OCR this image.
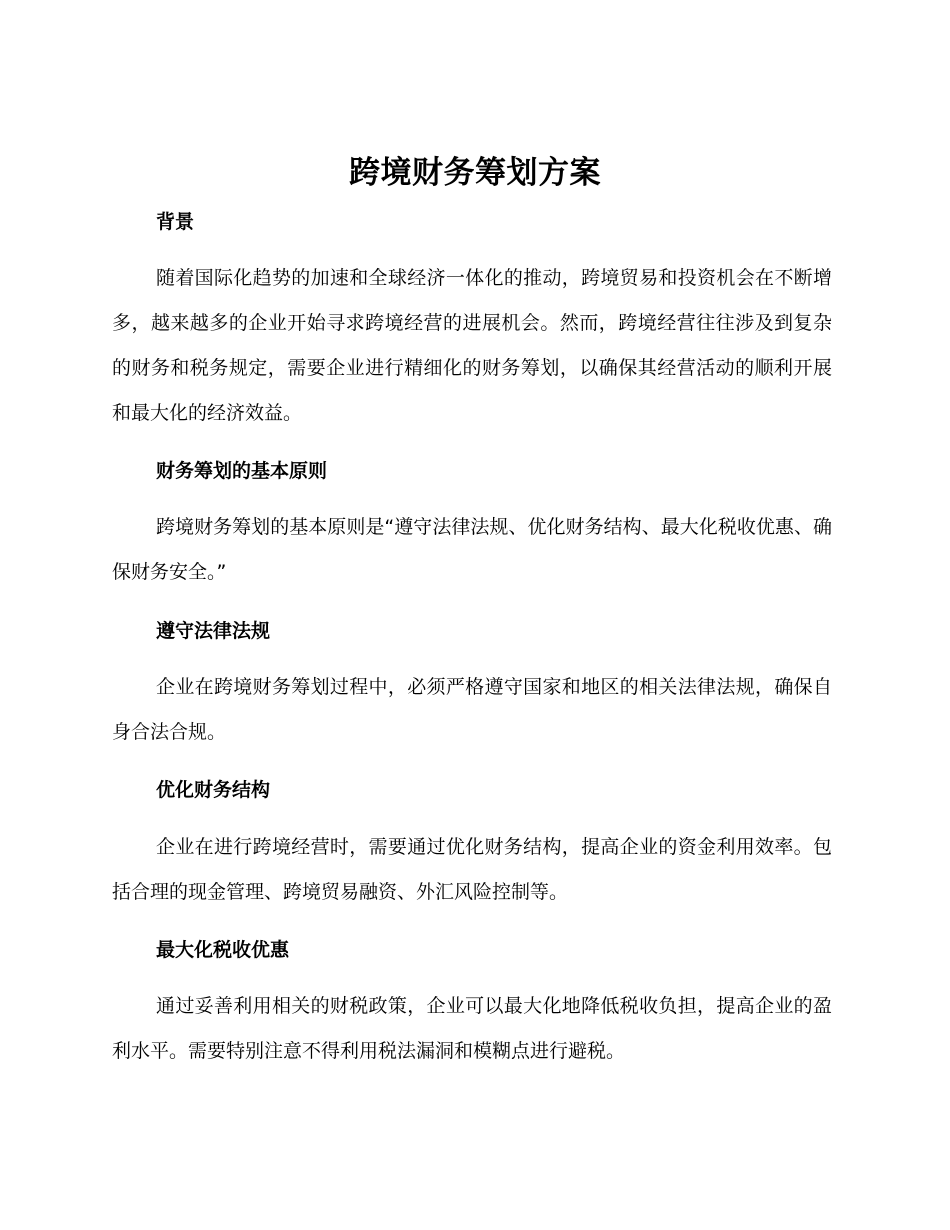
跨境财务筹划方案
背景
随着国际化趋势的加速和全球经济一体化的推动，跨境贸易和投资机会在不断增多，越来越多的企业开始寻求跨境经营的进展机会。然而，跨境经营往往涉及到复杂的财务和税务规定，需要企业进行精细化的财务筹划，以确保其经营活动的顺利开展和最大化的经济效益。
财务筹划的基本原则
跨境财务筹划的基本原则是“遵守法律法规、优化财务结构、最大化税收优惠、确保财务安全。”
遵守法律法规
企业在跨境财务筹划过程中，必须严格遵守国家和地区的相关法律法规，确保自身合法合规。
优化财务结构
企业在进行跨境经营时，需要通过优化财务结构，提高企业的资金利用效率。包括合理的现金管理、跨境贸易融资、外汇风险控制等。
最大化税收优惠
通过妥善利用相关的财税政策，企业可以最大化地降低税收负担，提高企业的盈利水平。需要特别注意不得利用税法漏洞和模糊点进行避税。
